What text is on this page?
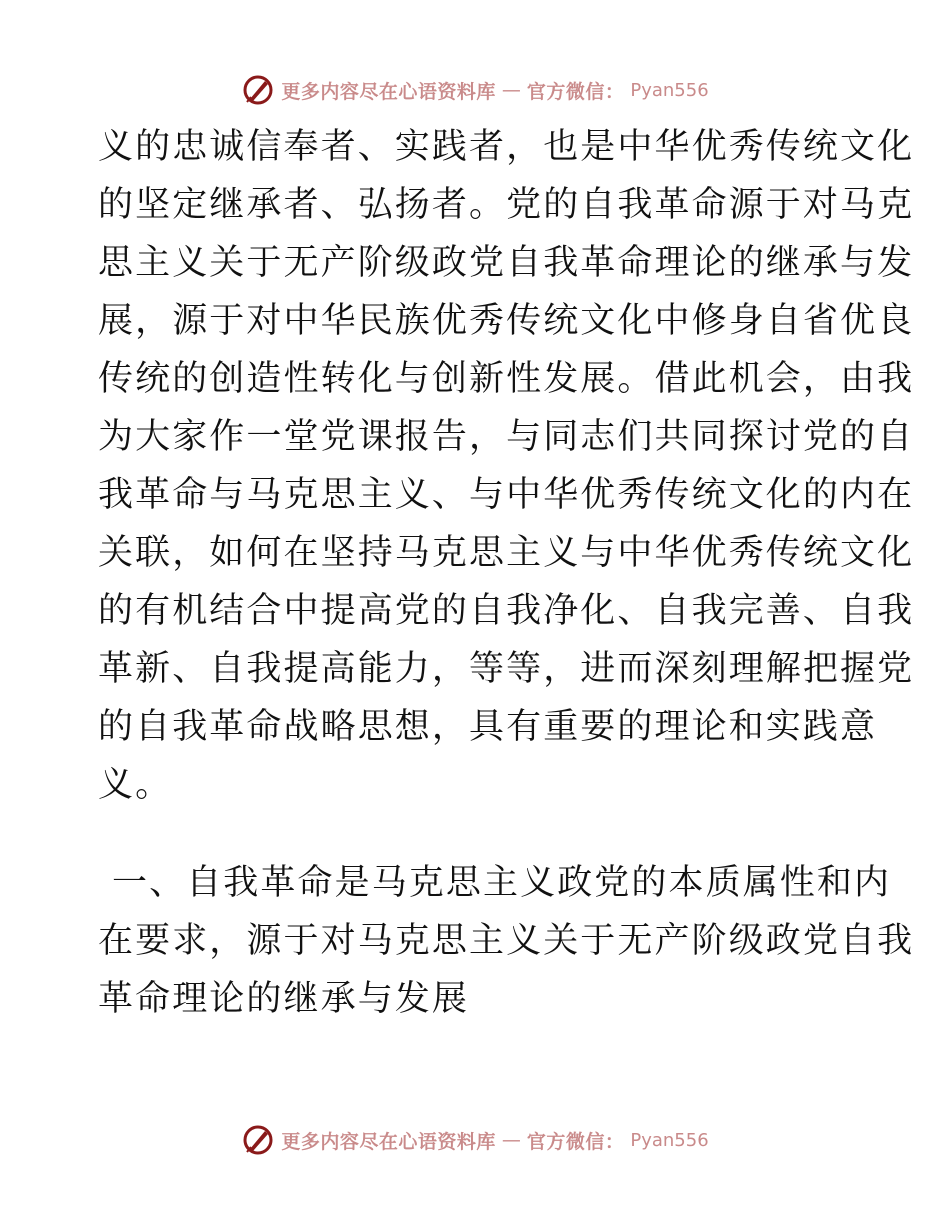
更多内容尽在心语资料库 — 官方微信： Pyan556
义的忠诚信奉者、实践者，也是中华优秀传统文化
的坚定继承者、弘扬者。党的自我革命源于对马克
思主义关于无产阶级政党自我革命理论的继承与发
展，源于对中华民族优秀传统文化中修身自省优良
传统的创造性转化与创新性发展。借此机会，由我
为大家作一堂党课报告，与同志们共同探讨党的自
我革命与马克思主义、与中华优秀传统文化的内在
关联，如何在坚持马克思主义与中华优秀传统文化
的有机结合中提高党的自我净化、自我完善、自我
革新、自我提高能力，等等，进而深刻理解把握党
的自我革命战略思想，具有重要的理论和实践意
义。
一、自我革命是马克思主义政党的本质属性和内
在要求，源于对马克思主义关于无产阶级政党自我
革命理论的继承与发展
更多内容尽在心语资料库 — 官方微信： Pyan556
